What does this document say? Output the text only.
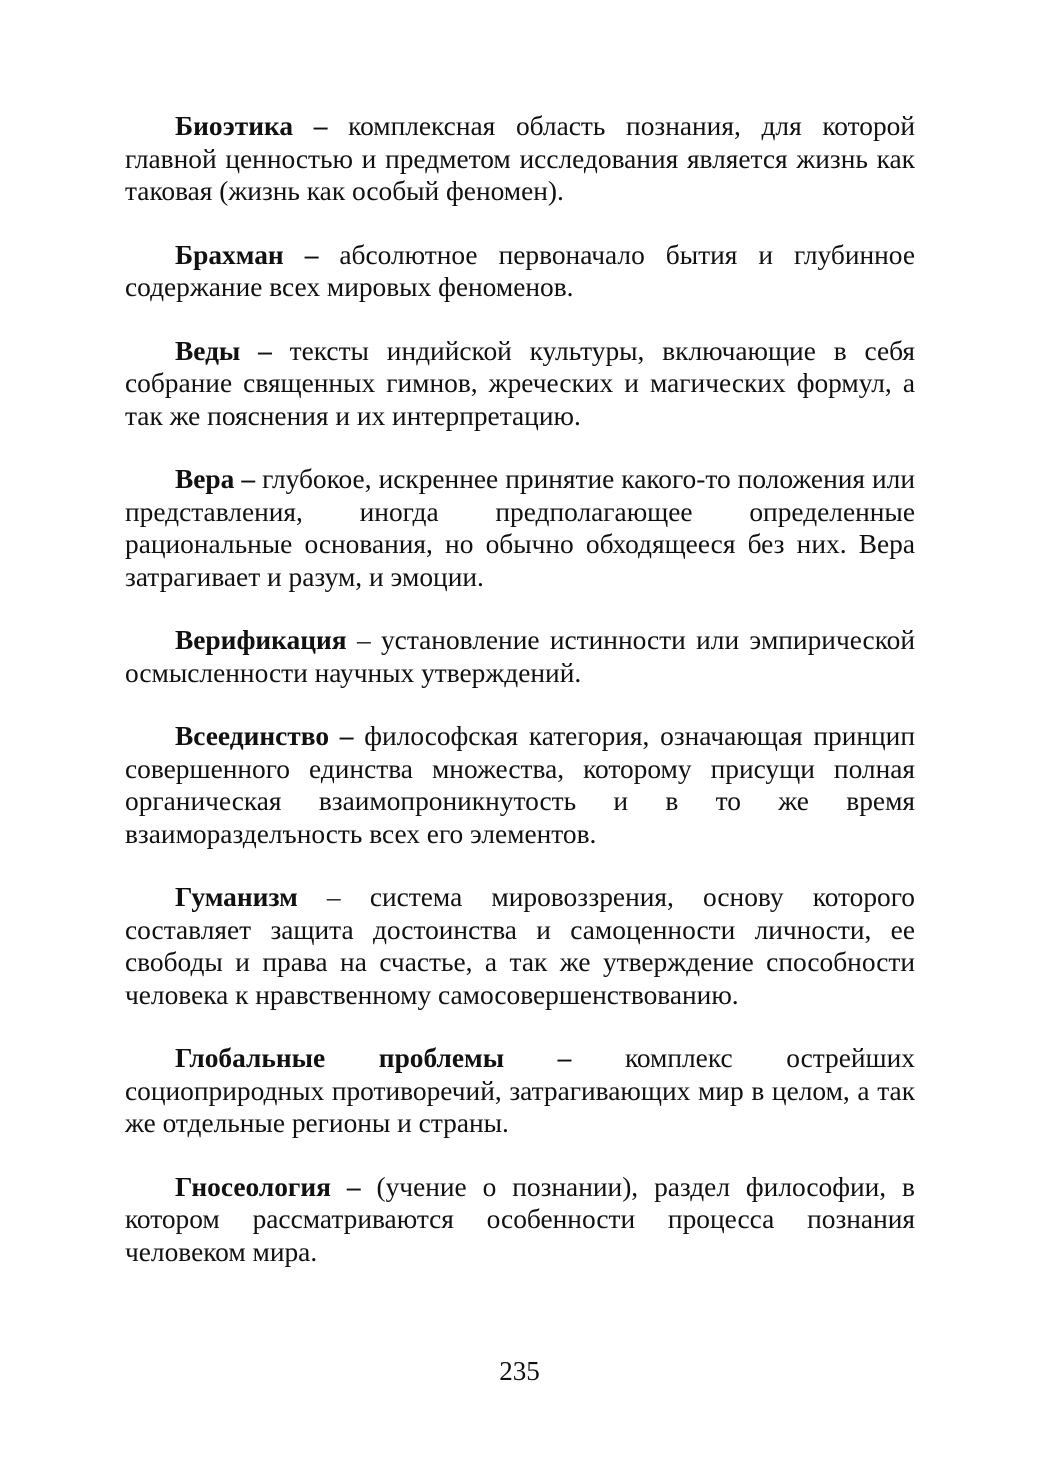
Биоэтика – комплексная область познания, для которой главной ценностью и предметом исследования является жизнь как таковая (жизнь как особый феномен).

Брахман – абсолютное первоначало бытия и глубинное содержание всех мировых феноменов.

Веды – тексты индийской культуры, включающие в себя собрание священных гимнов, жреческих и магических формул, а так же пояснения и их интерпретацию.

Вера – глубокое, искреннее принятие какого-то положения или представления, иногда предполагающее определенные рациональные основания, но обычно обходящееся без них. Вера затрагивает и разум, и эмоции.

Верификация – установление истинности или эмпирической осмысленности научных утверждений.

Всеединство – философская категория, означающая принцип совершенного единства множества, которому присущи полная органическая взаимопроникнутость и в то же время взаиморазделъность всех его элементов.

Гуманизм – система мировоззрения, основу которого составляет защита достоинства и самоценности личности, ее свободы и права на счастье, а так же утверждение способности человека к нравственному самосовершенствованию.

Глобальные проблемы – комплекс острейших социоприродных противоречий, затрагивающих мир в целом, а так же отдельные регионы и страны.

Гносеология – (учение о познании), раздел философии, в котором рассматриваются особенности процесса познания человеком мира.

235
